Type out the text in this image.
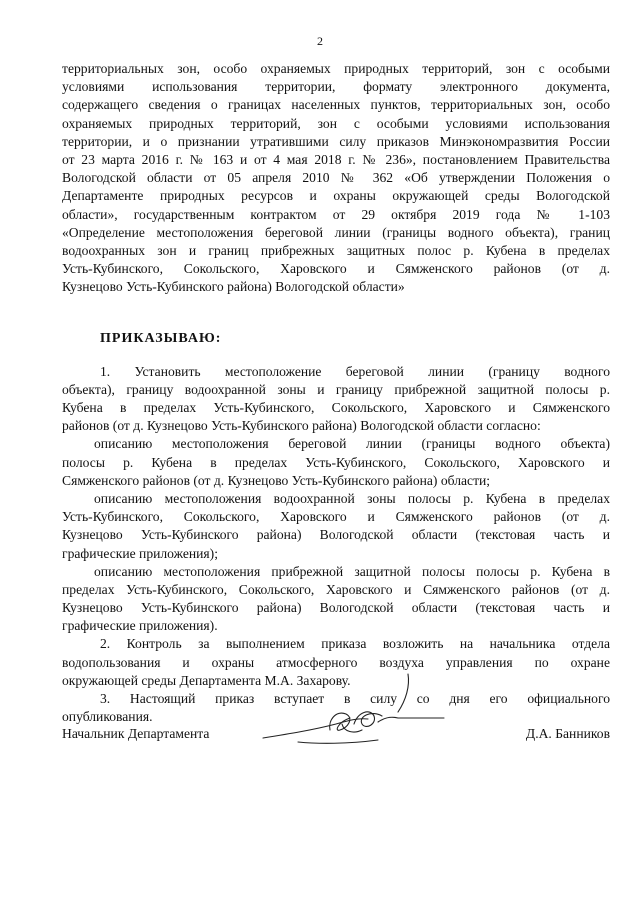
2
территориальных зон, особо охраняемых природных территорий, зон с особыми
условиями использования территории, формату электронного документа,
содержащего сведения о границах населенных пунктов, территориальных зон, особо
охраняемых природных территорий, зон с особыми условиями использования
территории, и о признании утратившими силу приказов Минэкономразвития России
от 23 марта 2016 г. № 163 и от 4 мая 2018 г. № 236», постановлением Правительства
Вологодской области от 05 апреля 2010 № 362 «Об утверждении Положения о
Департаменте природных ресурсов и охраны окружающей среды Вологодской
области», государственным контрактом от 29 октября 2019 года № 1-103
«Определение местоположения береговой линии (границы водного объекта), границ
водоохранных зон и границ прибрежных защитных полос р. Кубена в пределах
Усть-Кубинского, Сокольского, Харовского и Сямженского районов (от д.
Кузнецово Усть-Кубинского района) Вологодской области»
ПРИКАЗЫВАЮ:
1. Установить местоположение береговой линии (границу водного
объекта), границу водоохранной зоны и границу прибрежной защитной полосы р.
Кубена в пределах Усть-Кубинского, Сокольского, Харовского и Сямженского
районов (от д. Кузнецово Усть-Кубинского района) Вологодской области согласно:
описанию местоположения береговой линии (границы водного объекта)
полосы р. Кубена в пределах Усть-Кубинского, Сокольского, Харовского и
Сямженского районов (от д. Кузнецово Усть-Кубинского района) области;
описанию местоположения водоохранной зоны полосы р. Кубена в пределах
Усть-Кубинского, Сокольского, Харовского и Сямженского районов (от д.
Кузнецово Усть-Кубинского района) Вологодской области (текстовая часть и
графические приложения);
описанию местоположения прибрежной защитной полосы полосы р. Кубена в
пределах Усть-Кубинского, Сокольского, Харовского и Сямженского районов (от д.
Кузнецово Усть-Кубинского района) Вологодской области (текстовая часть и
графические приложения).
2. Контроль за выполнением приказа возложить на начальника отдела
водопользования и охраны атмосферного воздуха управления по охране
окружающей среды Департамента М.А. Захарову.
3. Настоящий приказ вступает в силу со дня его официального
опубликования.
Начальник Департамента	Д.А. Банников
